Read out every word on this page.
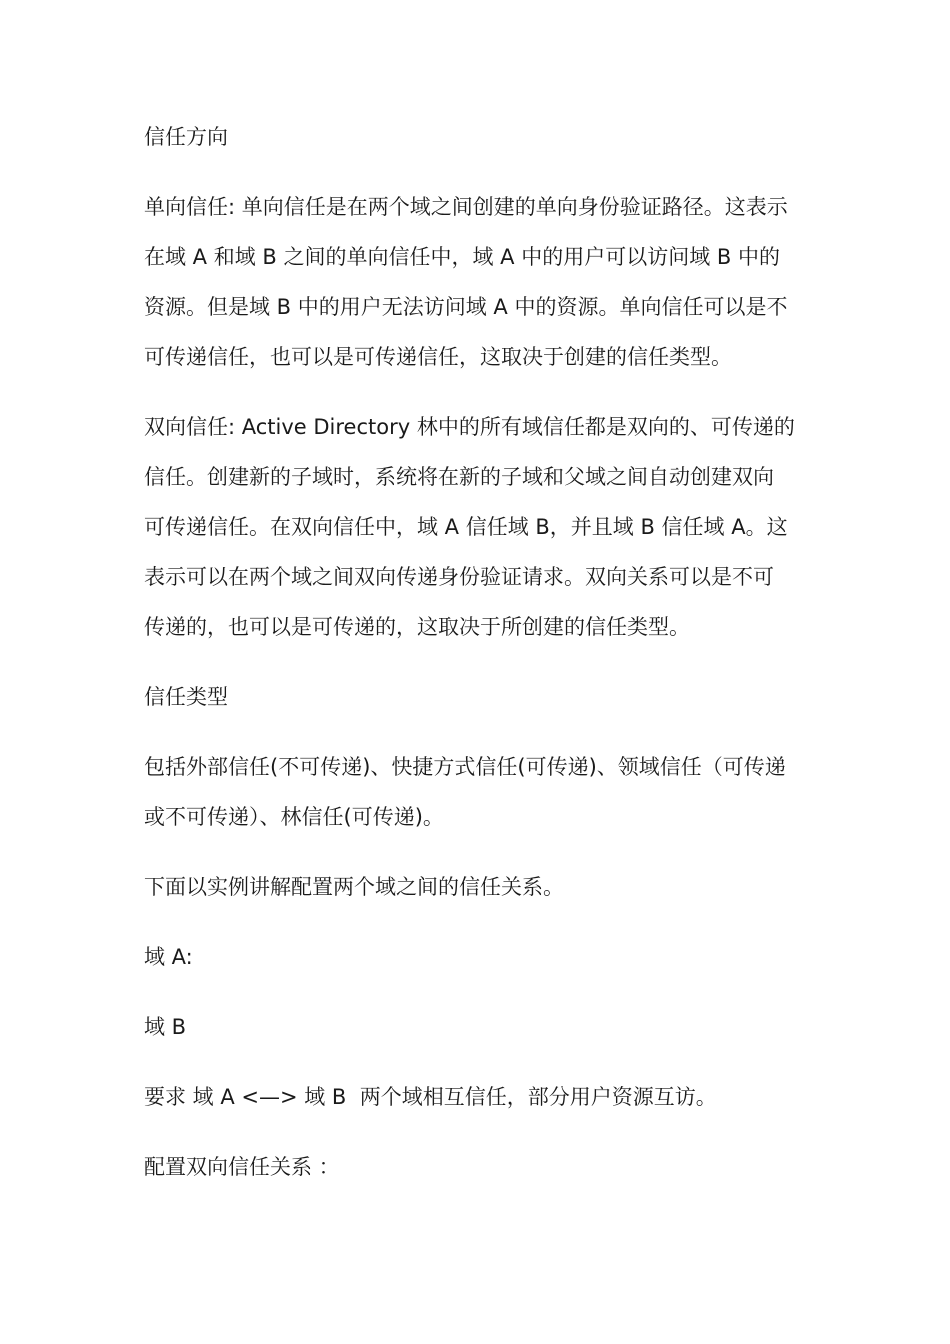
信任方向

单向信任: 单向信任是在两个域之间创建的单向身份验证路径。这表示
在域 A 和域 B 之间的单向信任中，域 A 中的用户可以访问域 B 中的
资源。但是域 B 中的用户无法访问域 A 中的资源。单向信任可以是不
可传递信任，也可以是可传递信任，这取决于创建的信任类型。

双向信任: Active Directory 林中的所有域信任都是双向的、可传递的
信任。创建新的子域时，系统将在新的子域和父域之间自动创建双向
可传递信任。在双向信任中，域 A 信任域 B，并且域 B 信任域 A。这
表示可以在两个域之间双向传递身份验证请求。双向关系可以是不可
传递的，也可以是可传递的，这取决于所创建的信任类型。

信任类型

包括外部信任(不可传递)、快捷方式信任(可传递)、领域信任（可传递
或不可传递）、林信任(可传递)。

下面以实例讲解配置两个域之间的信任关系。

域 A:

域 B

要求 域 A <—> 域 B  两个域相互信任，部分用户资源互访。

配置双向信任关系 ：
